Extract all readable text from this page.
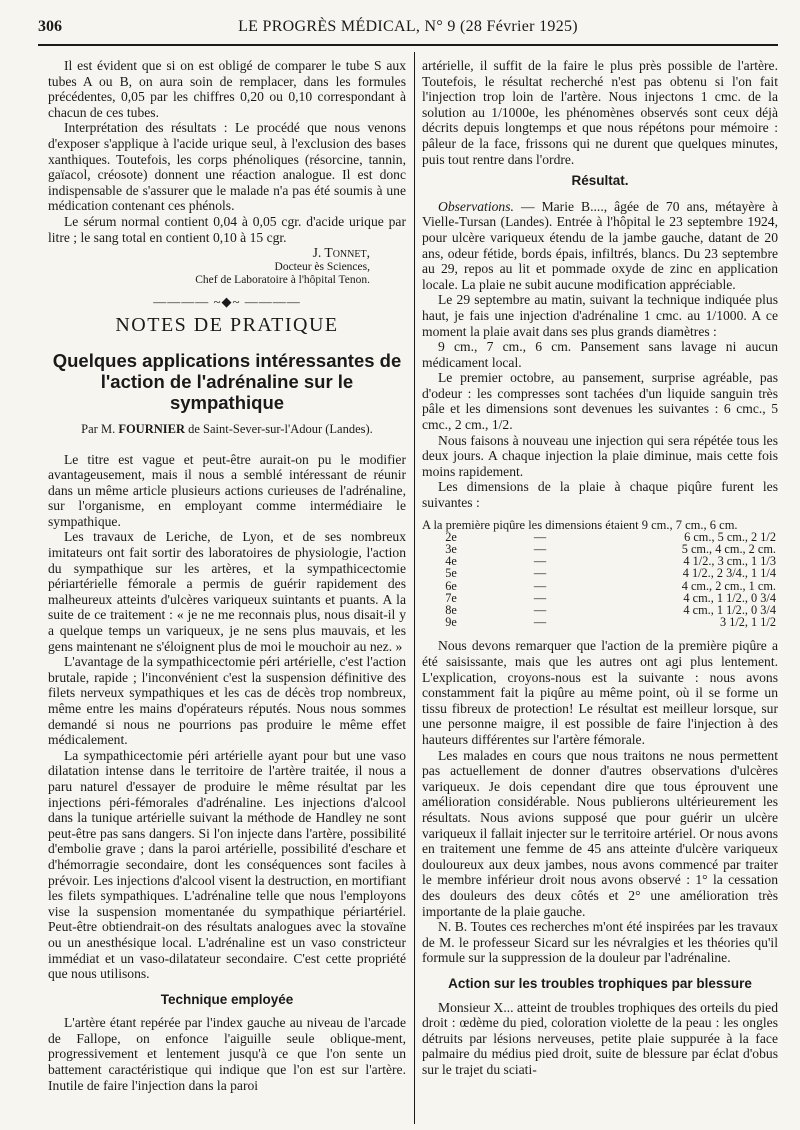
306	LE PROGRÈS MÉDICAL, N° 9 (28 Février 1925)

Il est évident que si on est obligé de comparer le tube S aux tubes A ou B, on aura soin de remplacer, dans les formules précédentes, 0,05 par les chiffres 0,20 ou 0,10 correspondant à chacun de ces tubes.

Interprétation des résultats : Le procédé que nous venons d'exposer s'applique à l'acide urique seul, à l'exclusion des bases xanthiques. Toutefois, les corps phénoliques (résorcine, tannin, gaïacol, créosote) donnent une réaction analogue. Il est donc indispensable de s'assurer que le malade n'a pas été soumis à une médication contenant ces phénols.

Le sérum normal contient 0,04 à 0,05 cgr. d'acide urique par litre ; le sang total en contient 0,10 à 15 cgr.

J. Tonnet,
Docteur ès Sciences,
Chef de Laboratoire à l'hôpital Tenon.
———— ~◆~ ————
NOTES DE PRATIQUE
Quelques applications intéressantes de l'action de l'adrénaline sur le sympathique
Par M. FOURNIER de Saint-Sever-sur-l'Adour (Landes).

Le titre est vague et peut-être aurait-on pu le modifier avantageusement, mais il nous a semblé intéressant de réunir dans un même article plusieurs actions curieuses de l'adrénaline, sur l'organisme, en employant comme intermédiaire le sympathique.

Les travaux de Leriche, de Lyon, et de ses nombreux imitateurs ont fait sortir des laboratoires de physiologie, l'action du sympathique sur les artères, et la sympathicectomie périartérielle fémorale a permis de guérir rapidement des malheureux atteints d'ulcères variqueux suintants et puants. A la suite de ce traitement : « je ne me reconnais plus, nous disait-il y a quelque temps un variqueux, je ne sens plus mauvais, et les gens maintenant ne s'éloignent plus de moi le mouchoir au nez. »

L'avantage de la sympathicectomie péri artérielle, c'est l'action brutale, rapide ; l'inconvénient c'est la suspension définitive des filets nerveux sympathiques et les cas de décès trop nombreux, même entre les mains d'opérateurs réputés. Nous nous sommes demandé si nous ne pourrions pas produire le même effet médicalement.

La sympathicectomie péri artérielle ayant pour but une vaso dilatation intense dans le territoire de l'artère traitée, il nous a paru naturel d'essayer de produire le même résultat par les injections péri-fémorales d'adrénaline. Les injections d'alcool dans la tunique artérielle suivant la méthode de Handley ne sont peut-être pas sans dangers. Si l'on injecte dans l'artère, possibilité d'embolie grave ; dans la paroi artérielle, possibilité d'eschare et d'hémorragie secondaire, dont les conséquences sont faciles à prévoir. Les injections d'alcool visent la destruction, en mortifiant les filets sympathiques. L'adrénaline telle que nous l'employons vise la suspension momentanée du sympathique périartériel. Peut-être obtiendrait-on des résultats analogues avec la stovaïne ou un anesthésique local. L'adrénaline est un vaso constricteur immédiat et un vaso-dilatateur secondaire. C'est cette propriété que nous utilisons.

Technique employée

L'artère étant repérée par l'index gauche au niveau de l'arcade de Fallope, on enfonce l'aiguille seule oblique-ment, progressivement et lentement jusqu'à ce que l'on sente un battement caractéristique qui indique que l'on est sur l'artère. Inutile de faire l'injection dans la paroi

artérielle, il suffit de la faire le plus près possible de l'artère. Toutefois, le résultat recherché n'est pas obtenu si l'on fait l'injection trop loin de l'artère. Nous injectons 1 cmc. de la solution au 1/1000e, les phénomènes observés sont ceux déjà décrits depuis longtemps et que nous répétons pour mémoire : pâleur de la face, frissons qui ne durent que quelques minutes, puis tout rentre dans l'ordre.

Résultat.

Observations. — Marie B...., âgée de 70 ans, métayère à Vielle-Tursan (Landes). Entrée à l'hôpital le 23 septembre 1924, pour ulcère variqueux étendu de la jambe gauche, datant de 20 ans, odeur fétide, bords épais, infiltrés, blancs. Du 23 septembre au 29, repos au lit et pommade oxyde de zinc en application locale. La plaie ne subit aucune modification appréciable.

Le 29 septembre au matin, suivant la technique indiquée plus haut, je fais une injection d'adrénaline 1 cmc. au 1/1000. A ce moment la plaie avait dans ses plus grands diamètres :

9 cm., 7 cm., 6 cm. Pansement sans lavage ni aucun médicament local.

Le premier octobre, au pansement, surprise agréable, pas d'odeur : les compresses sont tachées d'un liquide sanguin très pâle et les dimensions sont devenues les suivantes : 6 cmc., 5 cmc., 2 cm., 1/2.

Nous faisons à nouveau une injection qui sera répétée tous les deux jours. A chaque injection la plaie diminue, mais cette fois moins rapidement.

Les dimensions de la plaie à chaque piqûre furent les suivantes :

A la première piqûre les dimensions étaient 9 cm., 7 cm., 6 cm.		
2e	—	6 cm., 5 cm., 2 1/2
3e	—	5 cm., 4 cm., 2 cm.
4e	—	4 1/2., 3 cm., 1 1/3
5e	—	4 1/2., 2 3/4., 1 1/4
6e	—	4 cm., 2 cm., 1 cm.
7e	—	4 cm., 1 1/2., 0 3/4
8e	—	4 cm., 1 1/2., 0 3/4
9e	—	3 1/2, 1 1/2

Nous devons remarquer que l'action de la première piqûre a été saisissante, mais que les autres ont agi plus lentement. L'explication, croyons-nous est la suivante : nous avons constamment fait la piqûre au même point, où il se forme un tissu fibreux de protection! Le résultat est meilleur lorsque, sur une personne maigre, il est possible de faire l'injection à des hauteurs différentes sur l'artère fémorale.

Les malades en cours que nous traitons ne nous permettent pas actuellement de donner d'autres observations d'ulcères variqueux. Je dois cependant dire que tous éprouvent une amélioration considérable. Nous publierons ultérieurement les résultats. Nous avions supposé que pour guérir un ulcère variqueux il fallait injecter sur le territoire artériel. Or nous avons en traitement une femme de 45 ans atteinte d'ulcère variqueux douloureux aux deux jambes, nous avons commencé par traiter le membre inférieur droit nous avons observé : 1° la cessation des douleurs des deux côtés et 2° une amélioration très importante de la plaie gauche.

N. B. Toutes ces recherches m'ont été inspirées par les travaux de M. le professeur Sicard sur les névralgies et les théories qu'il formule sur la suppression de la douleur par l'adrénaline.

Action sur les troubles trophiques par blessure

Monsieur X... atteint de troubles trophiques des orteils du pied droit : œdème du pied, coloration violette de la peau : les ongles détruits par lésions nerveuses, petite plaie suppurée à la face palmaire du médius pied droit, suite de blessure par éclat d'obus sur le trajet du sciati-
